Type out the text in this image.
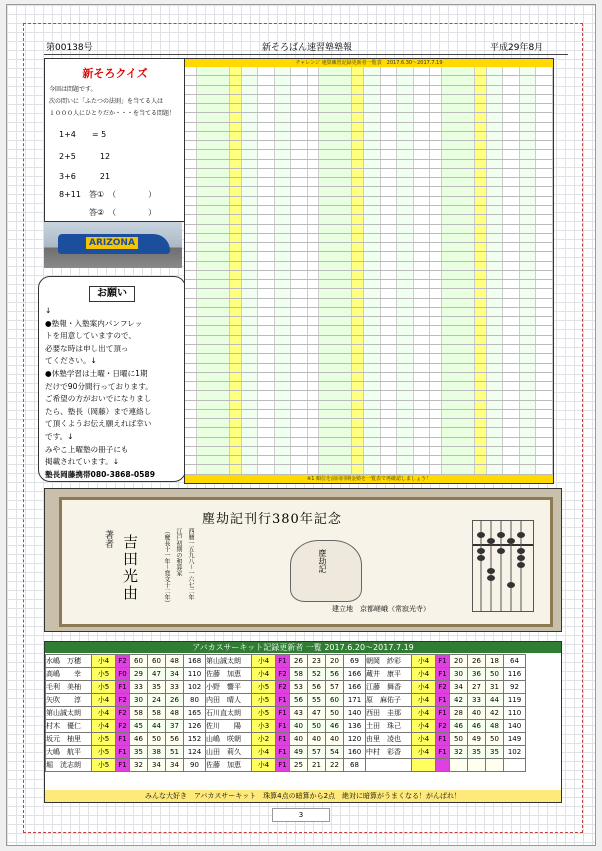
第00138号	新そろばん速習塾塾報	平成29年8月
新そろクイズ
今回は問題です。
次の問いに「ふたつの法則」を当てる人は
１０００人にひとりだか・・・を当てる問題！
1+4　　 = 5
2+5　　　	12
3+6　　　	21
8+11　 答①　（　　　　）
答②　（　　　　）
ARIZONA
お願い
↓
●塾報・入塾案内パンフレッ
トを用意していますので、
必要な時は申し出て頂っ
てください。↓
●休塾学習は土曜・日曜に1期
だけで90分間行っております。
ご希望の方がおいでになりまし
たら、塾長（岡藤）まで連絡し
て頂くようお伝え願えれば幸い
です。↓
みやこ上曜塾の冊子にも
掲載されています。↓
塾長岡藤携帯080-3868-0589
チャレンジ 速算練習記録更新者一覧表　2017.6.30～2017.7.19
※1 順位を前回同期金塾を一覧表で再確認しましょう！
塵劫記刊行380年記念
著者 吉田光由	（慶長十一年～寛文十二年） 江戸初期の和算家 西暦一五九八～一六七二年	塵劫記
建立地　京都嵯峨（常寂光寺）
アバカスサーキット記録更新者 一覧 2017.6.20～2017.7.19
水嶋　万穂	小4	F2	60	60	48	168	第山誠太朗	小4	F1	26	23	20	69	朝岡　紗彩	小4	F1	20	26	18	64
高嶋　　幸	小5	F0	29	47	34	110	佐藤　加恵	小4	F2	58	52	56	166	蔵井　康平	小4	F1	30	36	50	116
毛利　美柚	小5	F1	33	35	33	102	小野　響平	小5	F2	53	56	57	166	江藤　舞香	小4	F2	34	27	31	92
矢吹　　淳	小4	F2	30	24	26	80	内田　晴人	小5	F1	56	55	60	171	原　麻佑子	小4	F1	42	33	44	119
第山誠太朗	小4	F2	58	58	48	165	石川直太朗	小5	F1	43	47	50	140	西田　圭那	小4	F1	28	40	42	110
村木　優仁	小4	F2	45	44	37	126	佐川　　陽	小3	F1	40	50	46	136	土田　珠己	小4	F2	46	46	48	140
坂元　柚里	小5	F1	46	50	56	152	山嶋　咲朝	小2	F1	40	40	40	120	由里　凌也	小4	F1	50	49	50	149
大嶋　航平	小5	F1	35	38	51	124	山田　莉久	小4	F1	49	57	54	160	中村　彩香	小4	F1	32	35	35	102
堀　洸志朗	小5	F1	32	34	34	90	佐藤　加恵	小4	F1	25	21	22	68							
みんな大好き　アバカスサーキット　珠算4点の暗算から2点　絶対に暗算がうまくなる！がんばれ！
3
